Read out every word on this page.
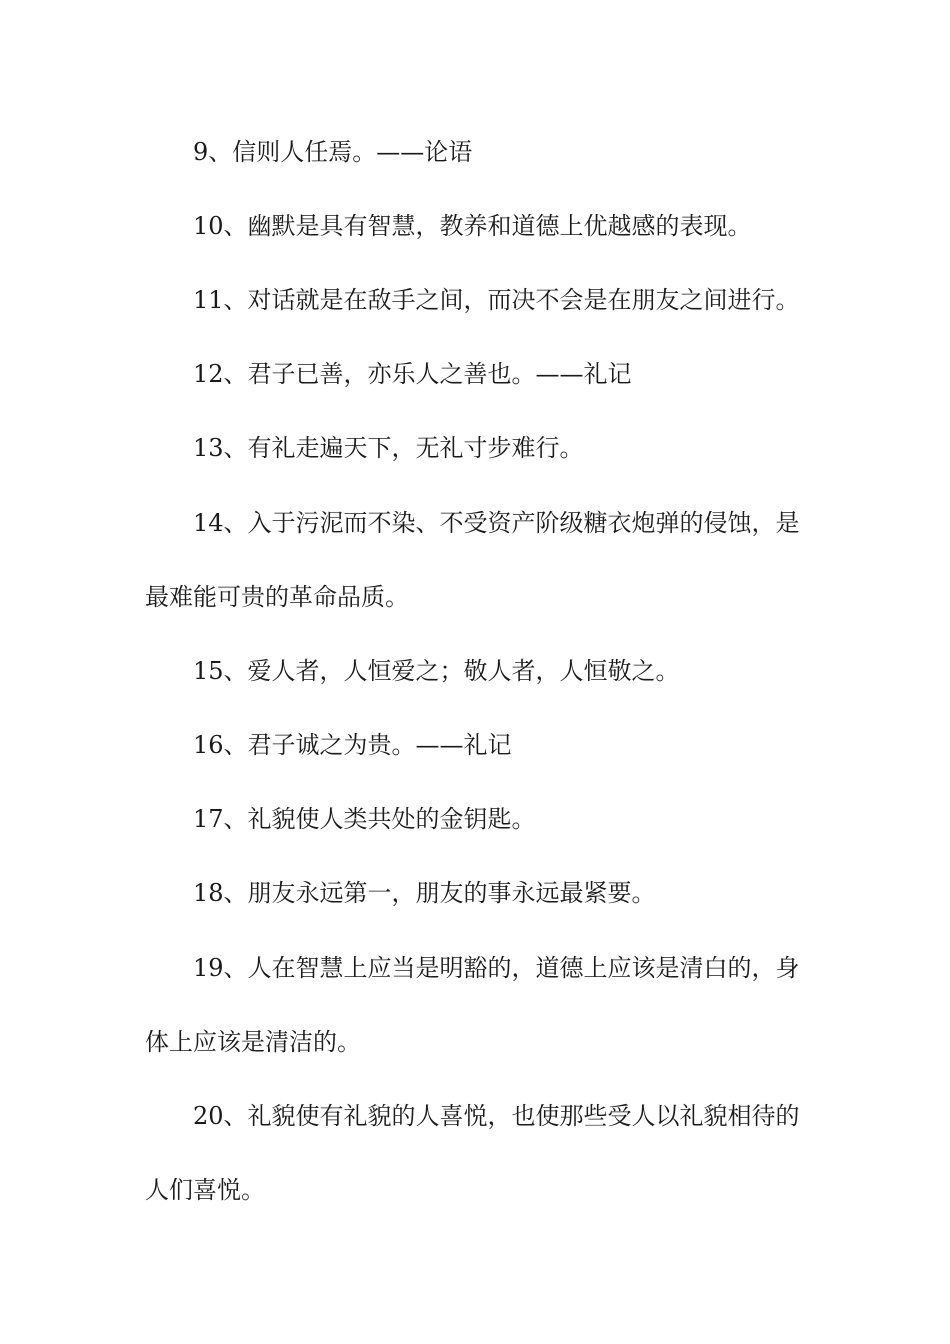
9、信则人任焉。——论语

10、幽默是具有智慧，教养和道德上优越感的表现。

11、对话就是在敌手之间，而决不会是在朋友之间进行。

12、君子已善，亦乐人之善也。——礼记

13、有礼走遍天下，无礼寸步难行。

14、入于污泥而不染、不受资产阶级糖衣炮弹的侵蚀，是

最难能可贵的革命品质。

15、爱人者，人恒爱之；敬人者，人恒敬之。

16、君子诚之为贵。——礼记

17、礼貌使人类共处的金钥匙。

18、朋友永远第一，朋友的事永远最紧要。

19、人在智慧上应当是明豁的，道德上应该是清白的，身

体上应该是清洁的。

20、礼貌使有礼貌的人喜悦，也使那些受人以礼貌相待的

人们喜悦。
